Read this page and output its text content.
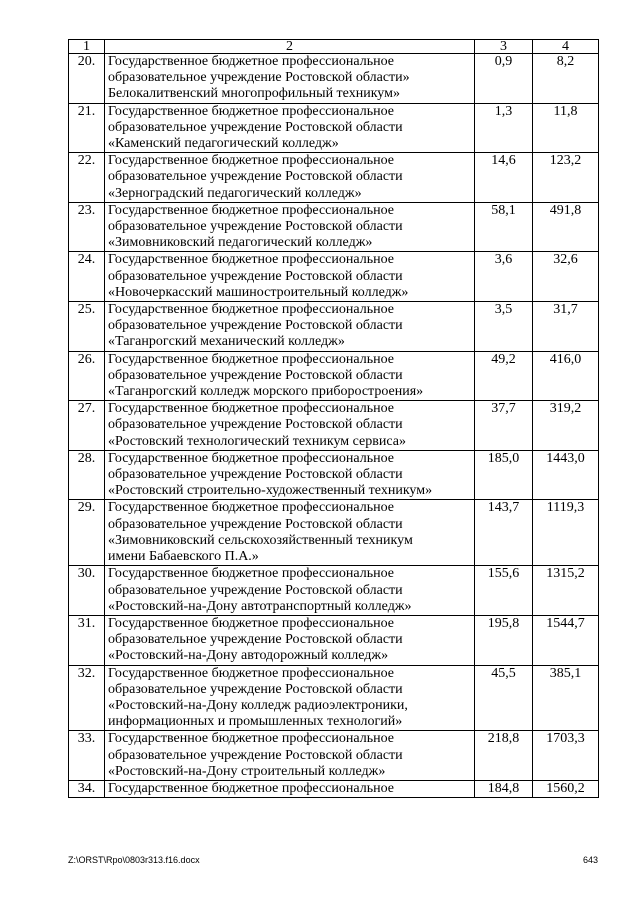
1	2	3	4
20.	Государственное бюджетное профессиональное
образовательное учреждение Ростовской области»
Белокалитвенский многопрофильный техникум»	0,9	8,2
21.	Государственное бюджетное профессиональное
образовательное учреждение Ростовской области
«Каменский педагогический колледж»	1,3	11,8
22.	Государственное бюджетное профессиональное
образовательное учреждение Ростовской области
«Зерноградский педагогический колледж»	14,6	123,2
23.	Государственное бюджетное профессиональное
образовательное учреждение Ростовской области
«Зимовниковский педагогический колледж»	58,1	491,8
24.	Государственное бюджетное профессиональное
образовательное учреждение Ростовской области
«Новочеркасский машиностроительный колледж»	3,6	32,6
25.	Государственное бюджетное профессиональное
образовательное учреждение Ростовской области
«Таганрогский механический колледж»	3,5	31,7
26.	Государственное бюджетное профессиональное
образовательное учреждение Ростовской области
«Таганрогский колледж морского приборостроения»	49,2	416,0
27.	Государственное бюджетное профессиональное
образовательное учреждение Ростовской области
«Ростовский технологический техникум сервиса»	37,7	319,2
28.	Государственное бюджетное профессиональное
образовательное учреждение Ростовской области
«Ростовский строительно-художественный техникум»	185,0	1443,0
29.	Государственное бюджетное профессиональное
образовательное учреждение Ростовской области
«Зимовниковский сельскохозяйственный техникум
имени Бабаевского П.А.»	143,7	1119,3
30.	Государственное бюджетное профессиональное
образовательное учреждение Ростовской области
«Ростовский-на-Дону автотранспортный колледж»	155,6	1315,2
31.	Государственное бюджетное профессиональное
образовательное учреждение Ростовской области
«Ростовский-на-Дону автодорожный колледж»	195,8	1544,7
32.	Государственное бюджетное профессиональное
образовательное учреждение Ростовской области
«Ростовский-на-Дону колледж радиоэлектроники,
информационных и промышленных технологий»	45,5	385,1
33.	Государственное бюджетное профессиональное
образовательное учреждение Ростовской области
«Ростовский-на-Дону строительный колледж»	218,8	1703,3
34.	Государственное бюджетное профессиональное	184,8	1560,2
Z:\ORST\Rpo\0803r313.f16.docx	643
